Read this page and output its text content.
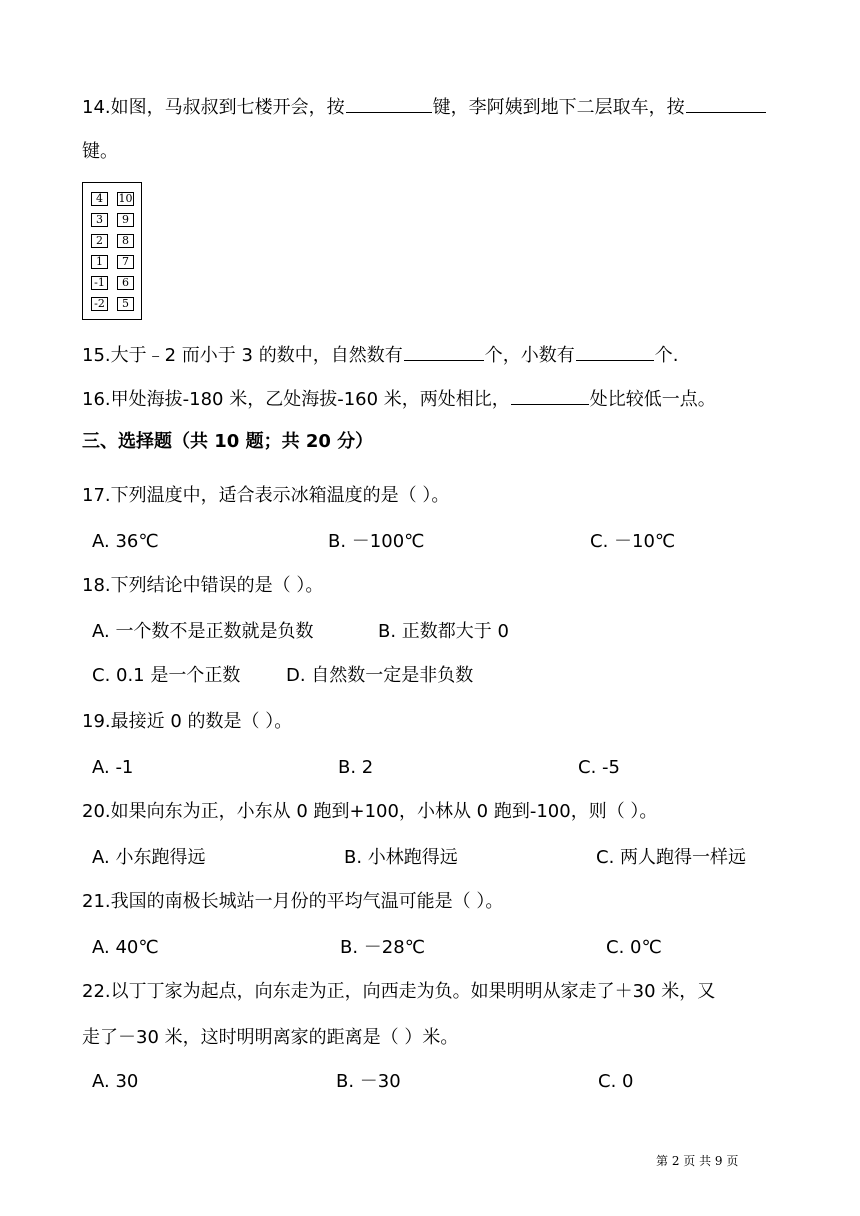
14.如图，马叔叔到七楼开会，按	键，李阿姨到地下二层取车，按
键。
4	10
3	9
2	8
1	7
-1	6
-2	5
15.大于﹣2 而小于 3 的数中，自然数有	个，小数有	个.
16.甲处海拔-180 米，乙处海拔-160 米，两处相比，	处比较低一点。
三、选择题（共 10 题；共 20 分）
17.下列温度中，适合表示冰箱温度的是（ ）。
A. 36℃	B. －100℃	C. －10℃
18.下列结论中错误的是（ ）。
A. 一个数不是正数就是负数	B. 正数都大于 0
C. 0.1 是一个正数	D. 自然数一定是非负数
19.最接近 0 的数是（ ）。
A. -1	B. 2	C. -5
20.如果向东为正，小东从 0 跑到+100，小林从 0 跑到-100，则（ ）。
A. 小东跑得远	B. 小林跑得远	C. 两人跑得一样远
21.我国的南极长城站一月份的平均气温可能是（ ）。
A. 40℃	B. －28℃	C. 0℃
22.以丁丁家为起点，向东走为正，向西走为负。如果明明从家走了＋30 米，又
走了－30 米，这时明明离家的距离是（ ）米。
A. 30	B. －30	C. 0
第 2 页 共 9 页
